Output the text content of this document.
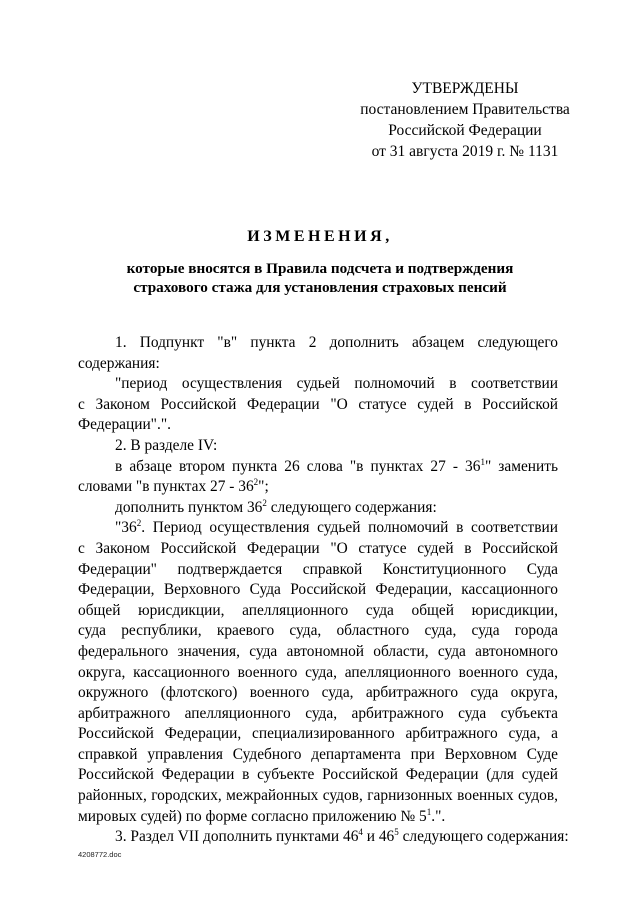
УТВЕРЖДЕНЫ
постановлением Правительства
Российской Федерации
от 31 августа 2019 г. № 1131
ИЗМЕНЕНИЯ,
которые вносятся в Правила подсчета и подтверждения
страхового стажа для установления страховых пенсий
1. Подпункт "в" пункта 2 дополнить абзацем следующего
содержания:
"период осуществления судьей полномочий в соответствии
с Законом Российской Федерации "О статусе судей в Российской
Федерации".".
2. В разделе IV:
в абзаце втором пункта 26 слова "в пунктах $27 - 36^1$" заменить
словами "в пунктах $27 - 36^2$";
дополнить пунктом $36^2$ следующего содержания:
"$36^2$. Период осуществления судьей полномочий в соответствии
с Законом Российской Федерации "О статусе судей в Российской
Федерации" подтверждается справкой Конституционного Суда
Федерации, Верховного Суда Российской Федерации, кассационного
общей юрисдикции, апелляционного суда общей юрисдикции,
суда республики, краевого суда, областного суда, суда города
федерального значения, суда автономной области, суда автономного
округа, кассационного военного суда, апелляционного военного суда,
окружного (флотского) военного суда, арбитражного суда округа,
арбитражного апелляционного суда, арбитражного суда субъекта
Российской Федерации, специализированного арбитражного суда, а
справкой управления Судебного департамента при Верховном Суде
Российской Федерации в субъекте Российской Федерации (для судей
районных, городских, межрайонных судов, гарнизонных военных судов,
мировых судей) по форме согласно приложению № $5^1$.".
3. Раздел VII дополнить пунктами $46^4$ и $46^5$ следующего содержания:
4208772.doc
